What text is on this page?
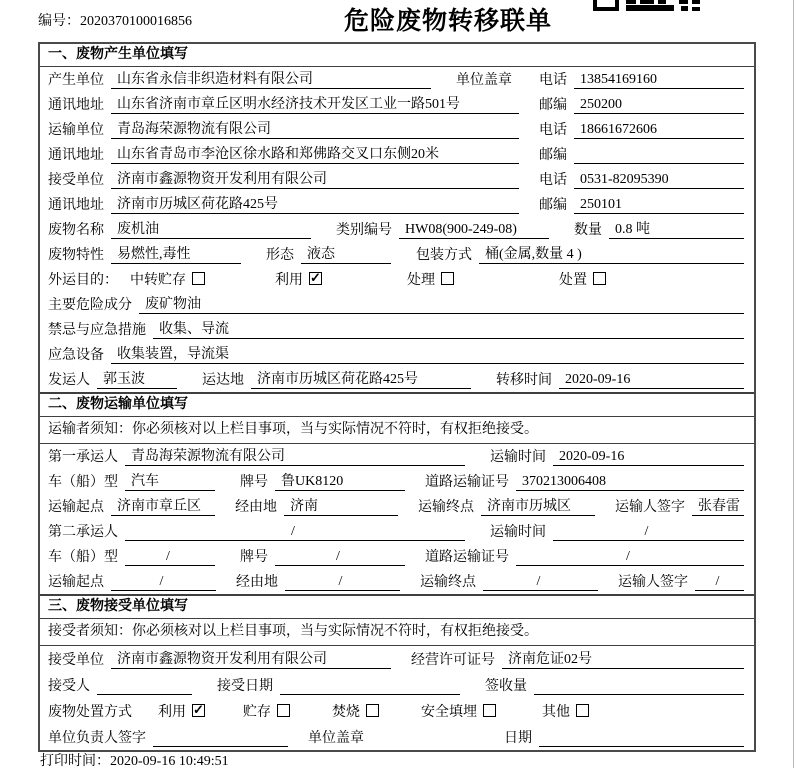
编号：2020370100016856	危险废物转移联单
一、废物产生单位填写
产生单位 山东省永信非织造材料有限公司	单位盖章 电话 13854169160
通讯地址 山东省济南市章丘区明水经济技术开发区工业一路501号	邮编 250200
运输单位 青岛海荣源物流有限公司	电话 18661672606
通讯地址 山东省青岛市李沧区徐水路和郑佛路交叉口东侧20米	邮编
接受单位 济南市鑫源物资开发利用有限公司	电话 0531-82095390
通讯地址 济南市历城区荷花路425号	邮编 250101
废物名称 废机油	类别编号 HW08(900-249-08)	数量 0.8 吨
废物特性 易燃性,毒性	形态 液态	包装方式 桶(金属,数量 4 )
外运目的： 中转贮存	利用 ✓	处理	处置
主要危险成分 废矿物油
禁忌与应急措施 收集、导流
应急设备 收集装置，导流渠
发运人 郭玉波	运达地 济南市历城区荷花路425号	转移时间 2020-09-16
二、废物运输单位填写
运输者须知：你必须核对以上栏目事项，当与实际情况不符时，有权拒绝接受。
第一承运人 青岛海荣源物流有限公司	运输时间 2020-09-16
车（船）型 汽车	牌号 鲁UK8120	道路运输证号 370213006408
运输起点 济南市章丘区	经由地 济南	运输终点 济南市历城区	运输人签字 张春雷
第二承运人	/	运输时间	/
车（船）型	/	牌号	/	道路运输证号	/
运输起点	/	经由地	/	运输终点	/	运输人签字	/
三、废物接受单位填写
接受者须知：你必须核对以上栏目事项，当与实际情况不符时，有权拒绝接受。
接受单位 济南市鑫源物资开发利用有限公司	经营许可证号 济南危证02号
接受人	接受日期	签收量
废物处置方式 利用 ✓	贮存	焚烧	安全填埋	其他
单位负责人签字	单位盖章	日期
打印时间：2020-09-16 10:49:51
